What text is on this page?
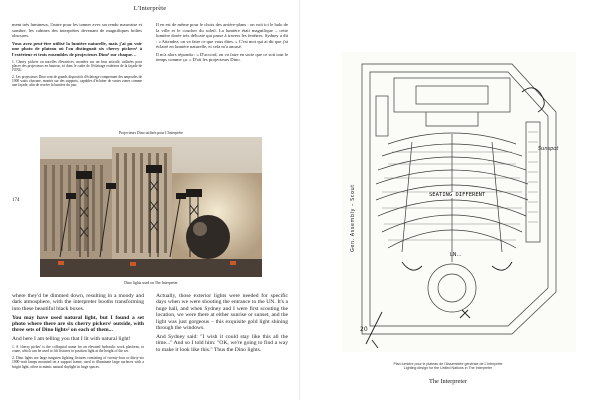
L'Interprète

ment très lumineux, l'autre pour les tonner avec un rendu mauvaise et sombre, les cabines des interprètes devenant de magnifiques boîtes obscures.

Vous avez peut-être utilisé la lumière naturelle, mais j'ai pu voir une photo de plateau où l'on distinguait six cherry pickers¹ à l'extérieur et trois ensembles de projecteurs Dino² sur chaque…

1. Cherry pickers ou nacelles élévatrices, montées sur un bras articulé, utilisées pour placer des projecteurs en hauteur, ici dans le cadre de l'éclairage extérieur de la façade de l'ONU.

2. Les projecteurs Dino sont de grands dispositifs d'éclairage comprenant des ampoules de 1000 watts chacune, montés sur des supports, capables d'éclairer de vastes zones comme une façade, afin de recréer la lumière du jour.

Il en est de même pour le choix des arrière-plans : on voit ici le halo de la ville et le coucher du soleil. La lumière était magnifique – cette lumière dorée très délicate qui passe à travers les fenêtres. Sydney a dit : « Attendez, on va faire ce que vous dites. » C'est moi qui ai dit que j'ai éclairé en lumière naturelle, et cela m'a amusé.

Il m'a alors répondu : « D'accord, on va faire en sorte que ce soit tout le temps comme ça. » D'où les projecteurs Dino.

Projecteurs Dino utilisés pour L'Interprète
174
Dino lights used on The Interpreter

where they'd be dimmed down, resulting in a moody and dark atmosphere, with the interpreter booths transforming into these beautiful black boxes.

You may have used natural light, but I found a set photo where there are six cherry pickers¹ outside, with three sets of Dino lights² on each of them...

And here I am telling you that I lit with natural light!

1. A 'cherry picker' is the colloquial name for an elevated hydraulic work platform, or crane, which can be used to lift fixtures to position light at the height of the set.

2. Dino lights are large tungsten lighting fixtures consisting of twenty-four or thirty-six 1000-watt lamps mounted on a support frame, used to illuminate large surfaces with a bright light, often to mimic natural daylight in large spaces.

Actually, those exterior lights were needed for specific days when we were shooting the entrance to the UN. It's a huge hall, and when Sydney and I were first scouting the location, we were there at either sunrise or sunset, and the light was just gorgeous – this exquisite gold light shining through the windows.

And Sydney said: "I wish it could stay like this all the time..." And so I told him: "OK, we're going to find a way to make it look like this." Thus the Dino lights.

Gen. Assembly – Scout	SEATING DIFFERENT
Sunspot
LN…
20
Plan lumière pour le plateau de l'Assemblée générale de L'Interprète
Lighting design for the United Nations in The Interpreter
The Interpreter
